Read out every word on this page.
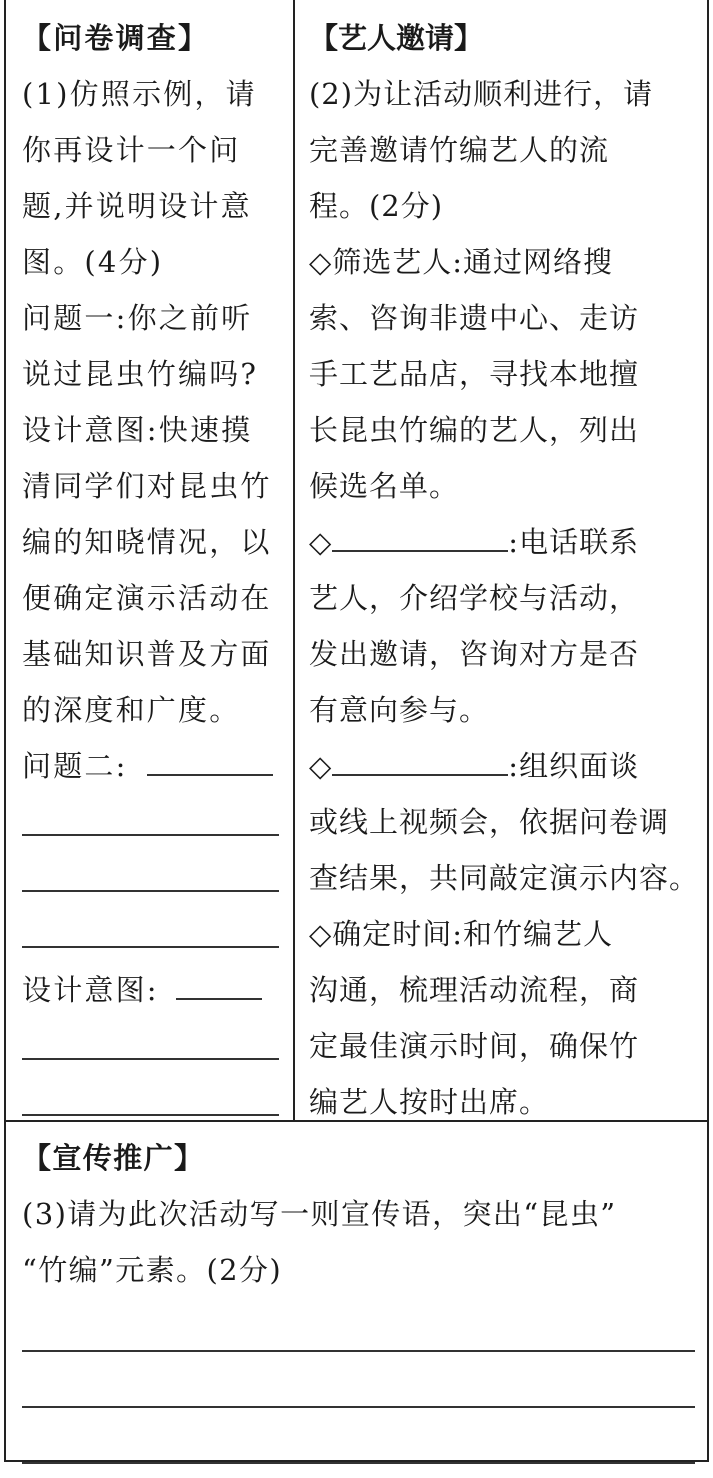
【问卷调查】
(1)仿照示例，请
你再设计一个问
题,并说明设计意
图。(4分)
问题一:你之前听
说过昆虫竹编吗?
设计意图:快速摸
清同学们对昆虫竹
编的知晓情况，以
便确定演示活动在
基础知识普及方面
的深度和广度。
问题二:
设计意图:
【艺人邀请】
(2)为让活动顺利进行，请
完善邀请竹编艺人的流
程。(2分)
◇筛选艺人:通过网络搜
索、咨询非遗中心、走访
手工艺品店，寻找本地擅
长昆虫竹编的艺人，列出
候选名单。
◇	:电话联系
艺人，介绍学校与活动，
发出邀请，咨询对方是否
有意向参与。
◇	:组织面谈
或线上视频会，依据问卷调
查结果，共同敲定演示内容。
◇确定时间:和竹编艺人
沟通，梳理活动流程，商
定最佳演示时间，确保竹
编艺人按时出席。
【宣传推广】
(3)请为此次活动写一则宣传语，突出“昆虫”
“竹编”元素。(2分)
